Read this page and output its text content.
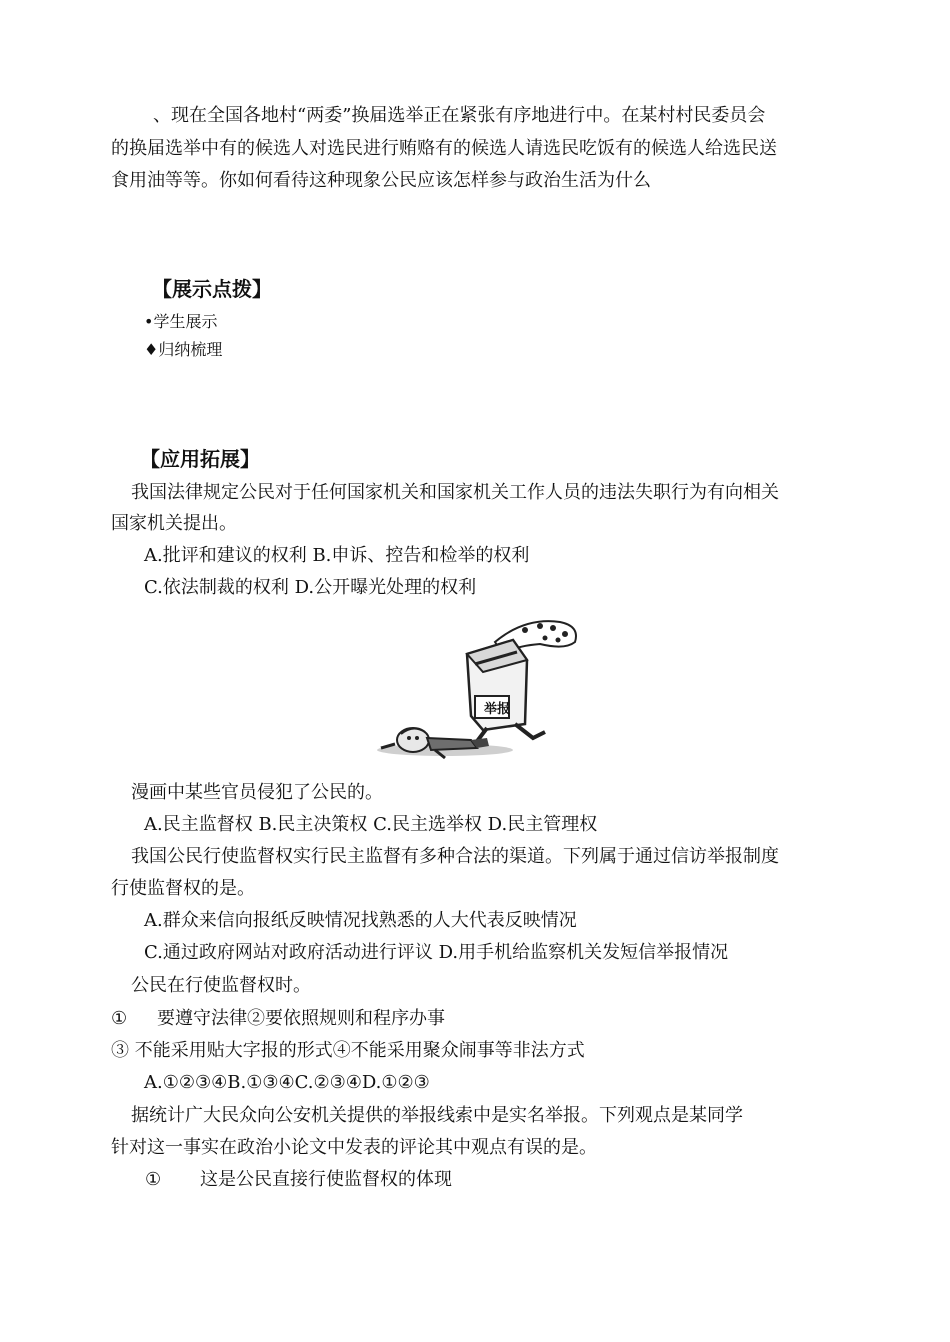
、现在全国各地村“两委”换届选举正在紧张有序地进行中。在某村村民委员会
的换届选举中有的候选人对选民进行贿赂有的候选人请选民吃饭有的候选人给选民送
食用油等等。你如何看待这种现象公民应该怎样参与政治生活为什么
【展示点拨】
•学生展示
♦归纳梳理
【应用拓展】
我国法律规定公民对于任何国家机关和国家机关工作人员的违法失职行为有向相关
国家机关提出。
A.批评和建议的权利 B.申诉、控告和检举的权利
C.依法制裁的权利 D.公开曝光处理的权利
举报
漫画中某些官员侵犯了公民的。
A.民主监督权 B.民主决策权 C.民主选举权 D.民主管理权
我国公民行使监督权实行民主监督有多种合法的渠道。下列属于通过信访举报制度
行使监督权的是。
A.群众来信向报纸反映情况找熟悉的人大代表反映情况
C.通过政府网站对政府活动进行评议 D.用手机给监察机关发短信举报情况
公民在行使监督权时。
① 要遵守法律②要依照规则和程序办事
③ 不能采用贴大字报的形式④不能采用聚众闹事等非法方式
A.①②③④B.①③④C.②③④D.①②③
据统计广大民众向公安机关提供的举报线索中是实名举报。下列观点是某同学
针对这一事实在政治小论文中发表的评论其中观点有误的是。
① 这是公民直接行使监督权的体现
